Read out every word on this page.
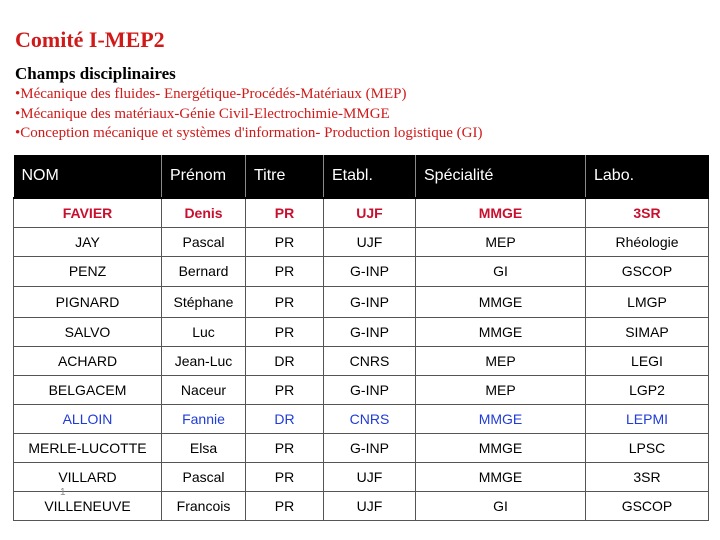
Comité I-MEP2
Champs disciplinaires
•Mécanique des fluides- Energétique-Procédés-Matériaux (MEP)
•Mécanique des matériaux-Génie Civil-Electrochimie-MMGE
•Conception mécanique et systèmes d'information- Production logistique (GI)
NOM	Prénom	Titre	Etabl.	Spécialité	Labo.
FAVIER	Denis	PR	UJF	MMGE	3SR
JAY	Pascal	PR	UJF	MEP	Rhéologie
PENZ	Bernard	PR	G-INP	GI	GSCOP
PIGNARD	Stéphane	PR	G-INP	MMGE	LMGP
SALVO	Luc	PR	G-INP	MMGE	SIMAP
ACHARD	Jean-Luc	DR	CNRS	MEP	LEGI
BELGACEM	Naceur	PR	G-INP	MEP	LGP2
ALLOIN	Fannie	DR	CNRS	MMGE	LEPMI
MERLE-LUCOTTE	Elsa	PR	G-INP	MMGE	LPSC
VILLARD	Pascal	PR	UJF	MMGE	3SR
VILLENEUVE	Francois	PR	UJF	GI	GSCOP
1
